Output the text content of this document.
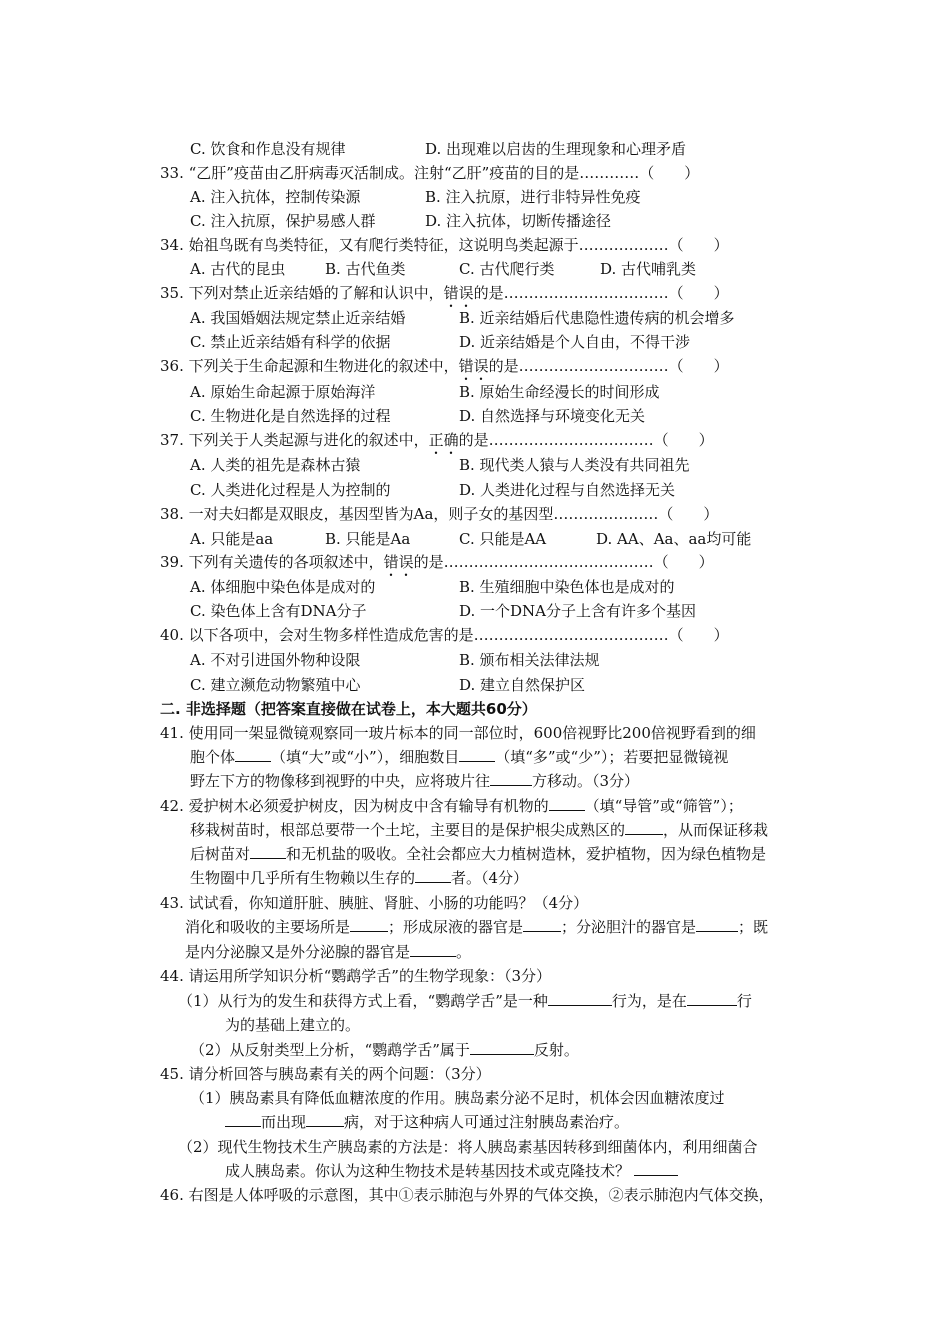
C. 饮食和作息没有规律	D. 出现难以启齿的生理现象和心理矛盾
33. “乙肝”疫苗由乙肝病毒灭活制成。注射“乙肝”疫苗的目的是…………（　　）
A. 注入抗体，控制传染源	B. 注入抗原，进行非特异性免疫
C. 注入抗原，保护易感人群	D. 注入抗体，切断传播途径
34. 始祖鸟既有鸟类特征，又有爬行类特征，这说明鸟类起源于………………（　　）
A. 古代的昆虫	B. 古代鱼类	C. 古代爬行类	D. 古代哺乳类
35. 下列对禁止近亲结婚的了解和认识中，错误的是……………………………（　　）
A. 我国婚姻法规定禁止近亲结婚	B. 近亲结婚后代患隐性遗传病的机会增多
C. 禁止近亲结婚有科学的依据	D. 近亲结婚是个人自由，不得干涉
36. 下列关于生命起源和生物进化的叙述中，错误的是…………………………（　　）
A. 原始生命起源于原始海洋	B. 原始生命经漫长的时间形成
C. 生物进化是自然选择的过程	D. 自然选择与环境变化无关
37. 下列关于人类起源与进化的叙述中，正确的是……………………………（　　）
A. 人类的祖先是森林古猿	B. 现代类人猿与人类没有共同祖先
C. 人类进化过程是人为控制的	D. 人类进化过程与自然选择无关
38. 一对夫妇都是双眼皮，基因型皆为Aa，则子女的基因型…………………（　　）
A. 只能是aa	B. 只能是Aa	C. 只能是AA	D. AA、Aa、aa均可能
39. 下列有关遗传的各项叙述中，错误的是……………………………………（　　）
A. 体细胞中染色体是成对的	B. 生殖细胞中染色体也是成对的
C. 染色体上含有DNA分子	D. 一个DNA分子上含有许多个基因
40. 以下各项中，会对生物多样性造成危害的是…………………………………（　　）
A. 不对引进国外物种设限	B. 颁布相关法律法规
C. 建立濒危动物繁殖中心	D. 建立自然保护区
二. 非选择题（把答案直接做在试卷上，本大题共60分）
41. 使用同一架显微镜观察同一玻片标本的同一部位时，600倍视野比200倍视野看到的细
胞个体 （填“大”或“小”），细胞数目 （填“多”或“少”）；若要把显微镜视
野左下方的物像移到视野的中央，应将玻片往	方移动。（3分）
42. 爱护树木必须爱护树皮，因为树皮中含有输导有机物的 （填“导管”或“筛管”）；
移栽树苗时，根部总要带一个土坨，主要目的是保护根尖成熟区的	，从而保证移栽
后树苗对 和无机盐的吸收。全社会都应大力植树造林，爱护植物，因为绿色植物是
生物圈中几乎所有生物赖以生存的 者。（4分）
43. 试试看，你知道肝脏、胰脏、肾脏、小肠的功能吗？（4分）
消化和吸收的主要场所是	；形成尿液的器官是	；分泌胆汁的器官是	；既
是内分泌腺又是外分泌腺的器官是	。
44. 请运用所学知识分析“鹦鹉学舌”的生物学现象：（3分）
（1）从行为的发生和获得方式上看，“鹦鹉学舌”是一种	行为，是在	行
为的基础上建立的。
（2）从反射类型上分析，“鹦鹉学舌”属于	反射。
45. 请分析回答与胰岛素有关的两个问题：（3分）
（1）胰岛素具有降低血糖浓度的作用。胰岛素分泌不足时，机体会因血糖浓度过
而出现	病，对于这种病人可通过注射胰岛素治疗。
（2）现代生物技术生产胰岛素的方法是：将人胰岛素基因转移到细菌体内，利用细菌合
成人胰岛素。你认为这种生物技术是转基因技术或克隆技术？
46. 右图是人体呼吸的示意图，其中①表示肺泡与外界的气体交换，②表示肺泡内气体交换，
